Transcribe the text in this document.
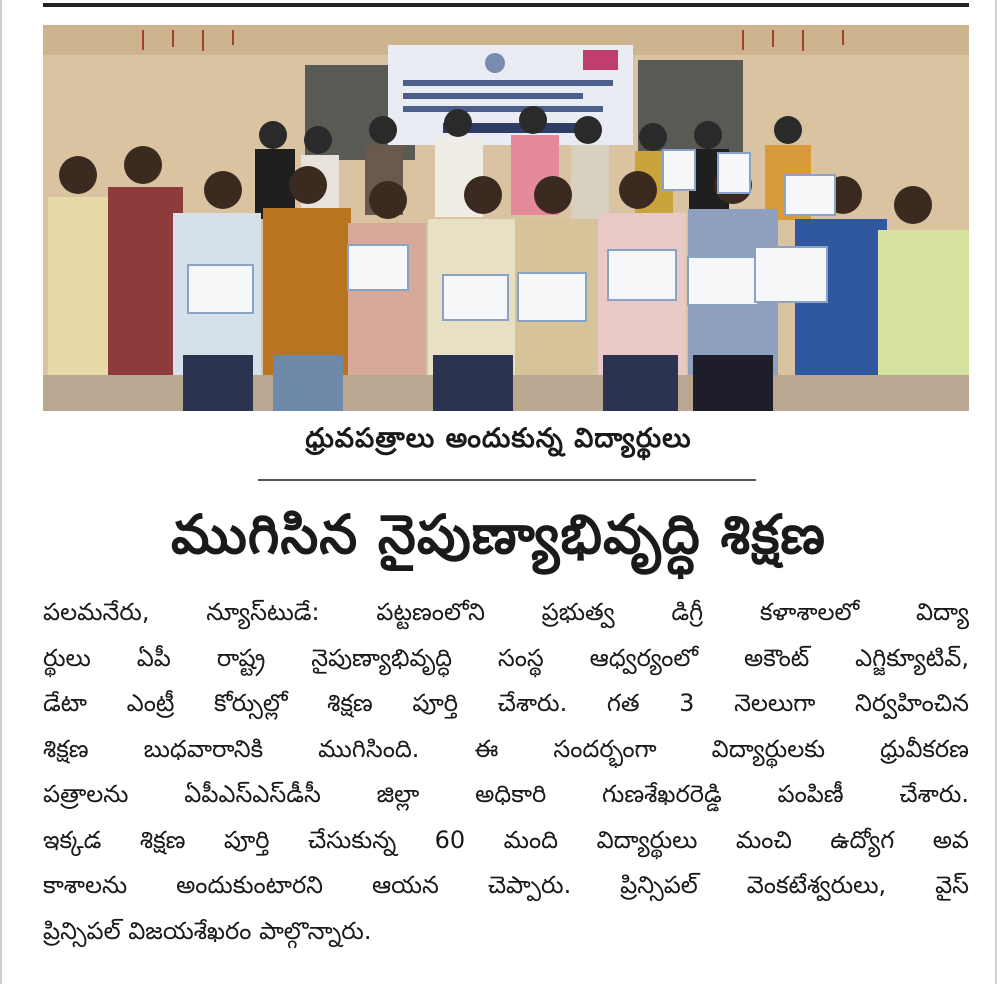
ధ్రువపత్రాలు అందుకున్న విద్యార్థులు
ముగిసిన నైపుణ్యాభివృద్ధి శిక్షణ
పలమనేరు, న్యూస్‌టుడే: పట్టణంలోని ప్రభుత్వ డిగ్రీ కళాశాలలో విద్యా
ర్థులు ఏపీ రాష్ట్ర నైపుణ్యాభివృద్ధి సంస్థ ఆధ్వర్యంలో అకౌంట్ ఎగ్జిక్యూటివ్,
డేటా ఎంట్రీ కోర్సుల్లో శిక్షణ పూర్తి చేశారు. గత 3 నెలలుగా నిర్వహించిన
శిక్షణ బుధవారానికి ముగిసింది. ఈ సందర్భంగా విద్యార్థులకు ధ్రువీకరణ
పత్రాలను ఏపీఎస్ఎస్‌డీసీ జిల్లా అధికారి గుణశేఖరరెడ్డి పంపిణీ చేశారు.
ఇక్కడ శిక్షణ పూర్తి చేసుకున్న 60 మంది విద్యార్థులు మంచి ఉద్యోగ అవ
కాశాలను అందుకుంటారని ఆయన చెప్పారు. ప్రిన్సిపల్ వెంకటేశ్వరులు, వైస్
ప్రిన్సిపల్ విజయశేఖరం పాల్గొన్నారు.
